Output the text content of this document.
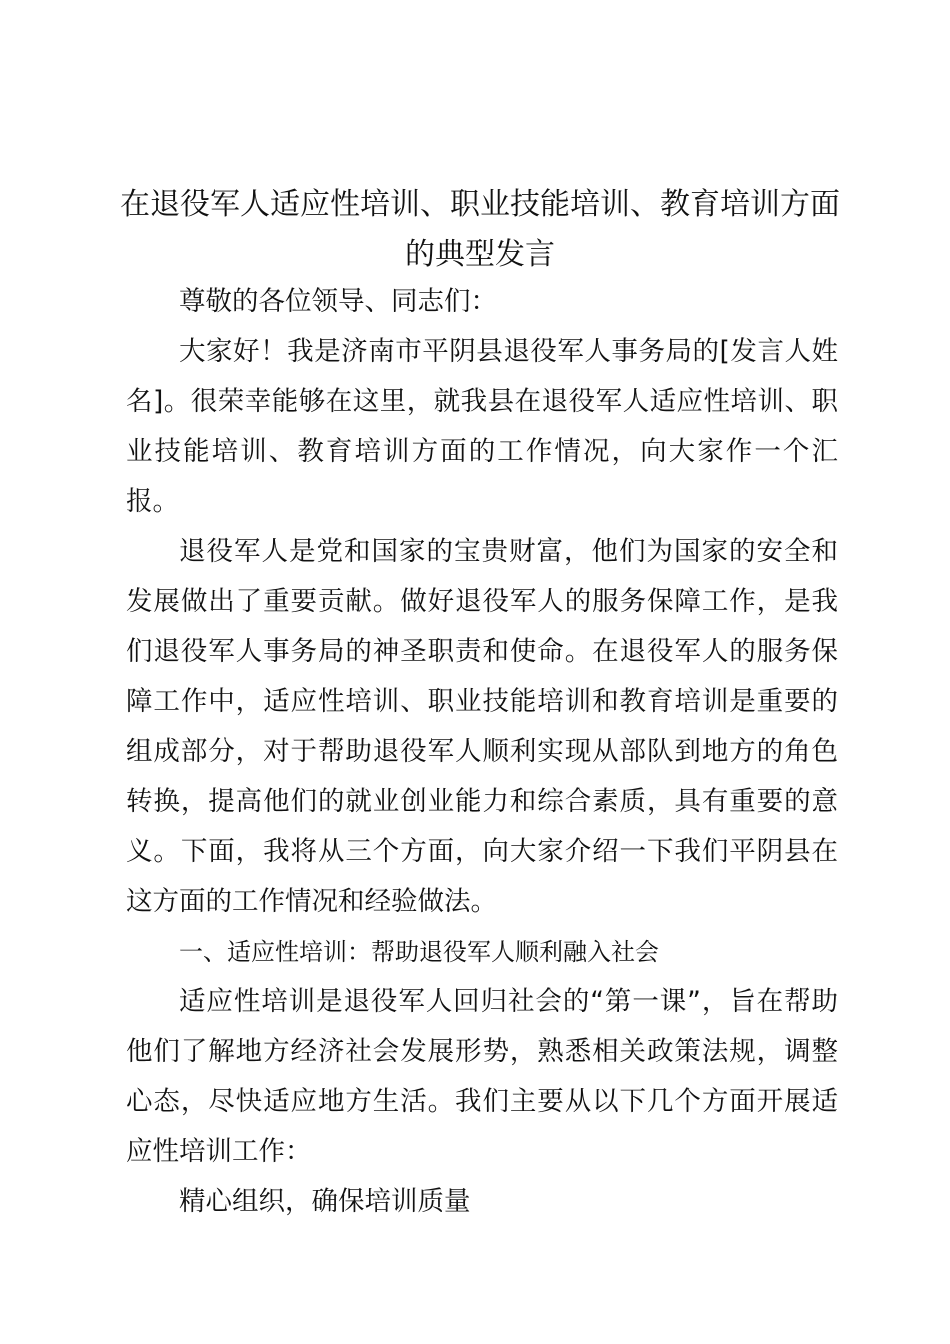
在退役军人适应性培训、职业技能培训、教育培训方面
的典型发言

尊敬的各位领导、同志们：

大家好！我是济南市平阴县退役军人事务局的[发言人姓名]。很荣幸能够在这里，就我县在退役军人适应性培训、职业技能培训、教育培训方面的工作情况，向大家作一个汇报。

退役军人是党和国家的宝贵财富，他们为国家的安全和发展做出了重要贡献。做好退役军人的服务保障工作，是我们退役军人事务局的神圣职责和使命。在退役军人的服务保障工作中，适应性培训、职业技能培训和教育培训是重要的组成部分，对于帮助退役军人顺利实现从部队到地方的角色转换，提高他们的就业创业能力和综合素质，具有重要的意义。下面，我将从三个方面，向大家介绍一下我们平阴县在这方面的工作情况和经验做法。

一、适应性培训：帮助退役军人顺利融入社会

适应性培训是退役军人回归社会的“第一课”，旨在帮助他们了解地方经济社会发展形势，熟悉相关政策法规，调整心态，尽快适应地方生活。我们主要从以下几个方面开展适应性培训工作：

精心组织，确保培训质量
